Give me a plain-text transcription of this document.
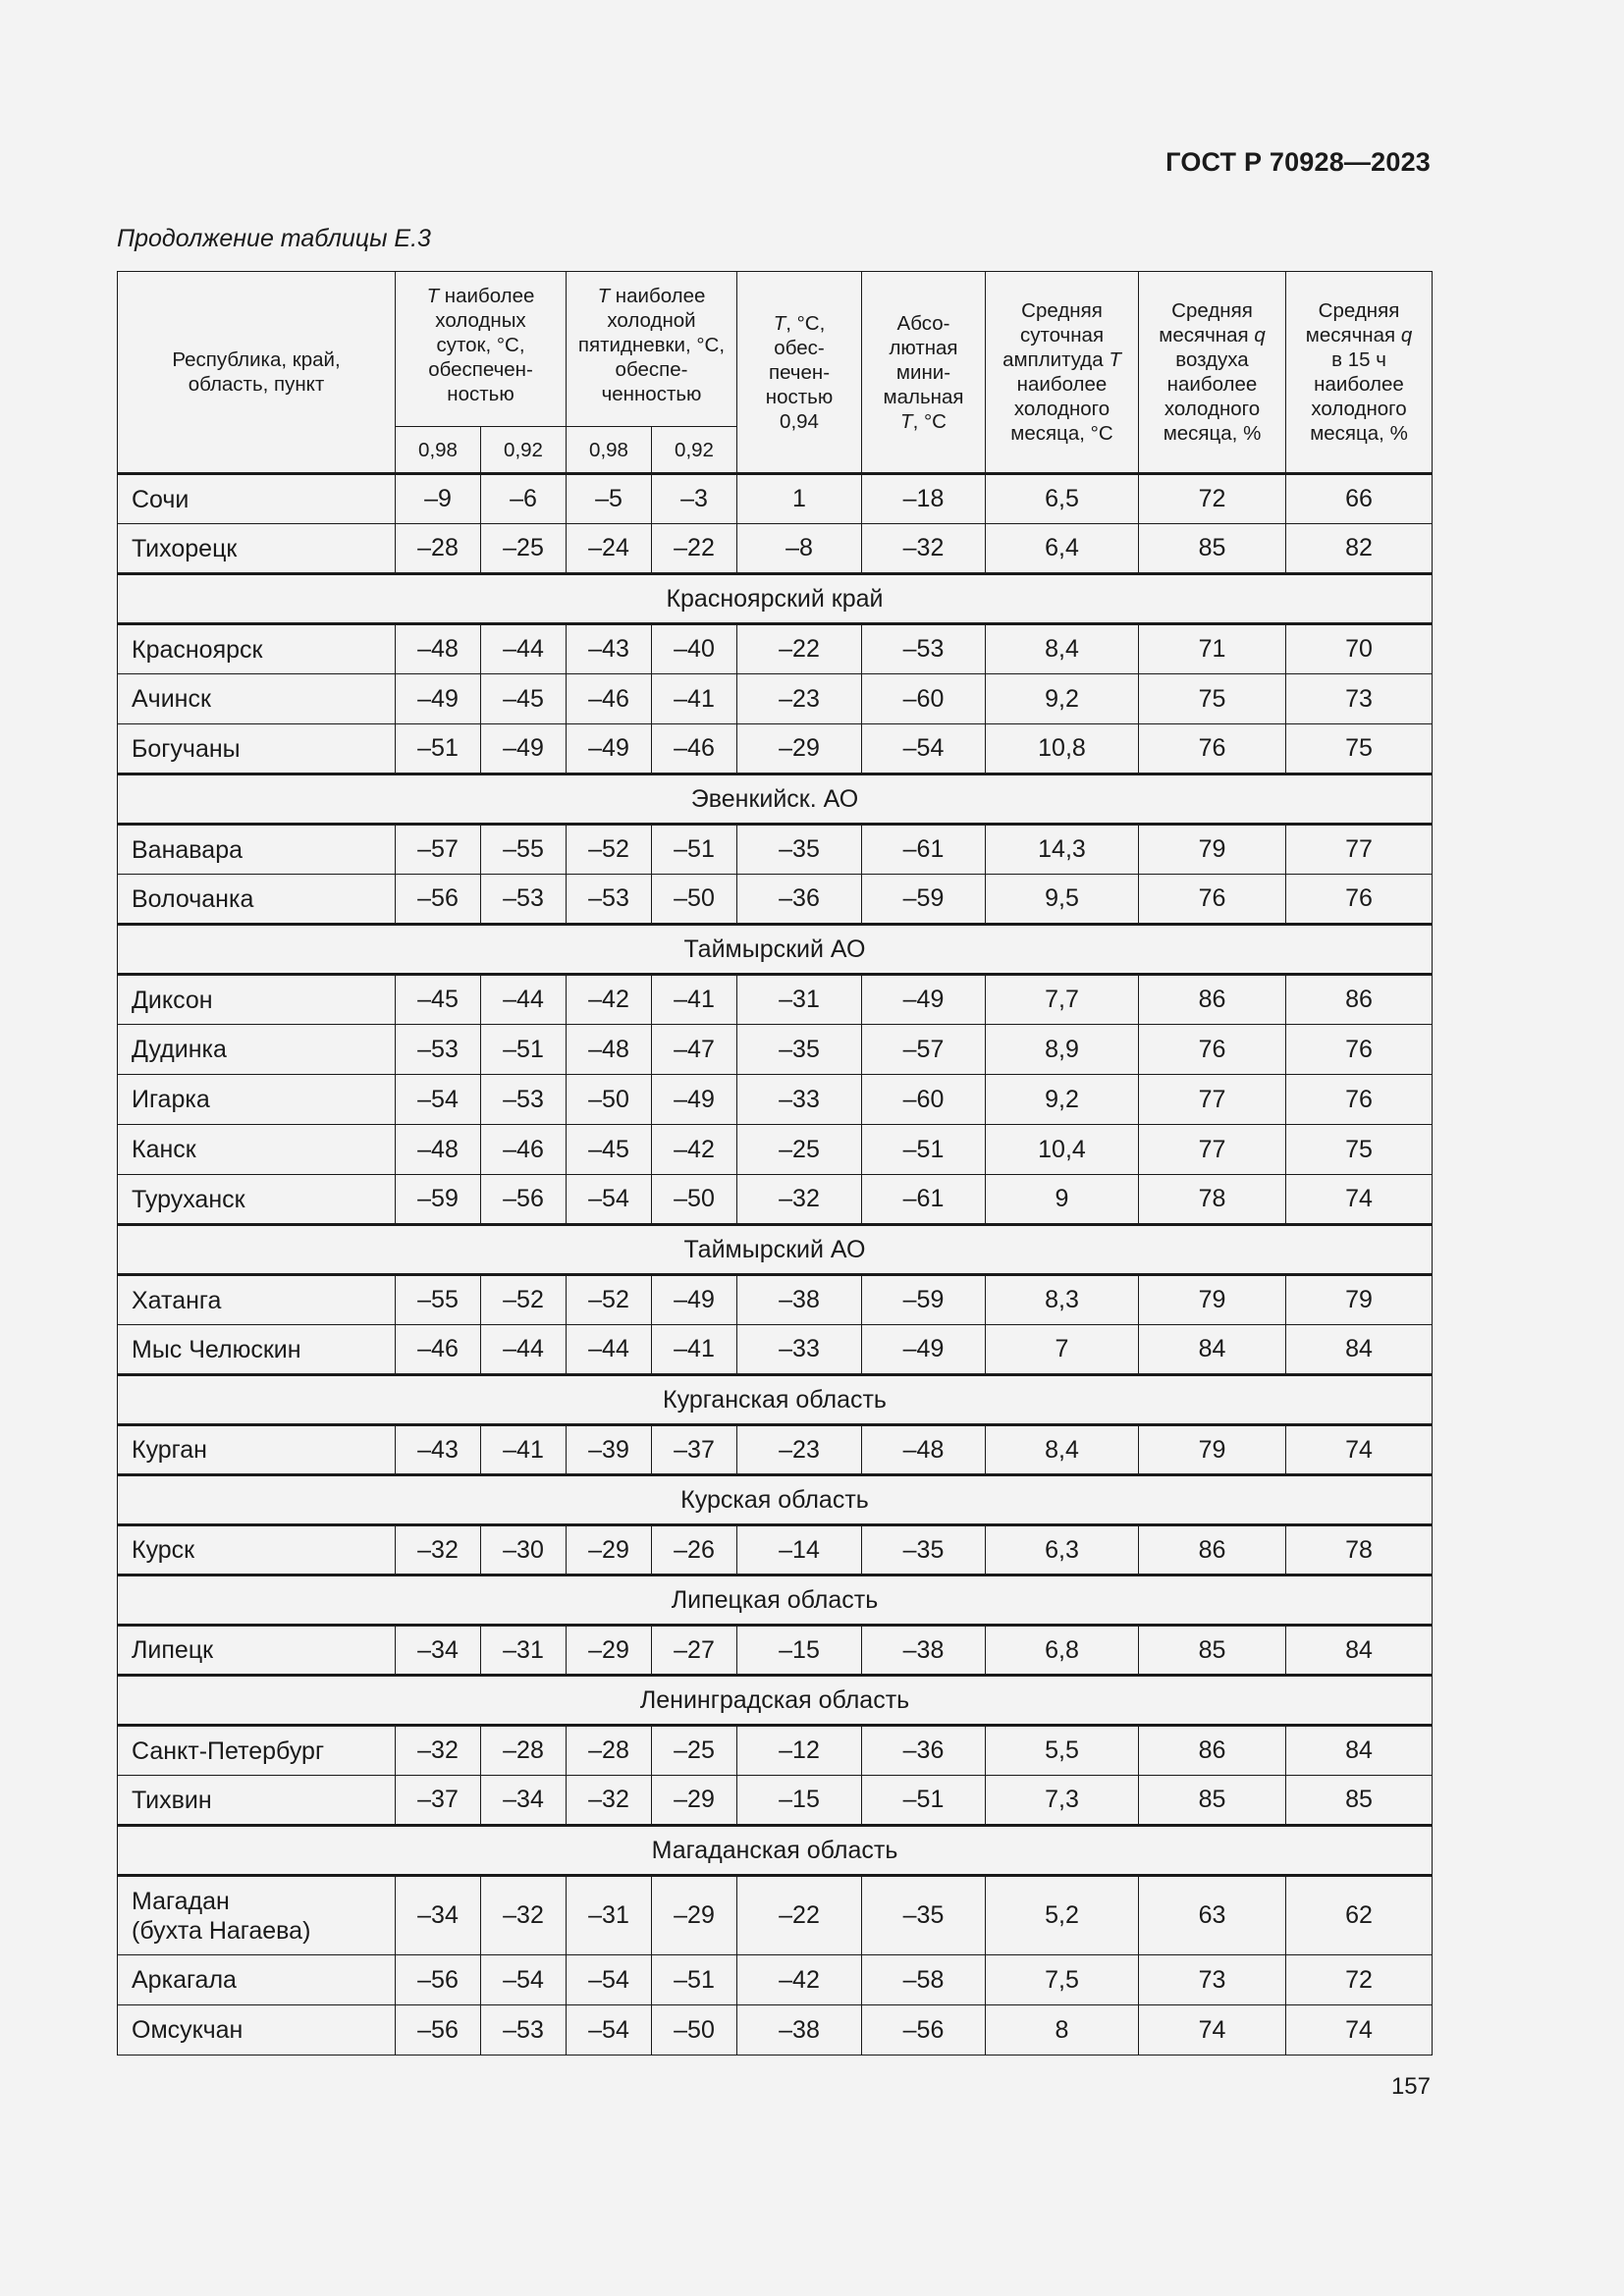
ГОСТ Р 70928—2023
Продолжение таблицы Е.3
Республика, край, область, пункт	T наиболее холодных суток, °С, обеспечен-ностью		T наиболее холодной пятидневки, °С, обеспе-ченностью		T, °С, обес-печен-ностью 0,94	Абсо-лютная мини-мальная T, °С	Средняя суточная амплитуда T наиболее холодного месяца, °С	Средняя месячная q воздуха наиболее холодного месяца, %	Средняя месячная q в 15 ч наиболее холодного месяца, %
	0,98	0,92	0,98	0,92					
Сочи	–9	–6	–5	–3	1	–18	6,5	72	66
Тихорецк	–28	–25	–24	–22	–8	–32	6,4	85	82
Красноярский край									
Красноярск	–48	–44	–43	–40	–22	–53	8,4	71	70
Ачинск	–49	–45	–46	–41	–23	–60	9,2	75	73
Богучаны	–51	–49	–49	–46	–29	–54	10,8	76	75
Эвенкийск. АО									
Ванавара	–57	–55	–52	–51	–35	–61	14,3	79	77
Волочанка	–56	–53	–53	–50	–36	–59	9,5	76	76
Таймырский АО									
Диксон	–45	–44	–42	–41	–31	–49	7,7	86	86
Дудинка	–53	–51	–48	–47	–35	–57	8,9	76	76
Игарка	–54	–53	–50	–49	–33	–60	9,2	77	76
Канск	–48	–46	–45	–42	–25	–51	10,4	77	75
Туруханск	–59	–56	–54	–50	–32	–61	9	78	74
Таймырский АО									
Хатанга	–55	–52	–52	–49	–38	–59	8,3	79	79
Мыс Челюскин	–46	–44	–44	–41	–33	–49	7	84	84
Курганская область									
Курган	–43	–41	–39	–37	–23	–48	8,4	79	74
Курская область									
Курск	–32	–30	–29	–26	–14	–35	6,3	86	78
Липецкая область									
Липецк	–34	–31	–29	–27	–15	–38	6,8	85	84
Ленинградская область									
Санкт-Петербург	–32	–28	–28	–25	–12	–36	5,5	86	84
Тихвин	–37	–34	–32	–29	–15	–51	7,3	85	85
Магаданская область									
Магадан
(бухта Нагаева)	–34	–32	–31	–29	–22	–35	5,2	63	62
Аркагала	–56	–54	–54	–51	–42	–58	7,5	73	72
Омсукчан	–56	–53	–54	–50	–38	–56	8	74	74
157
